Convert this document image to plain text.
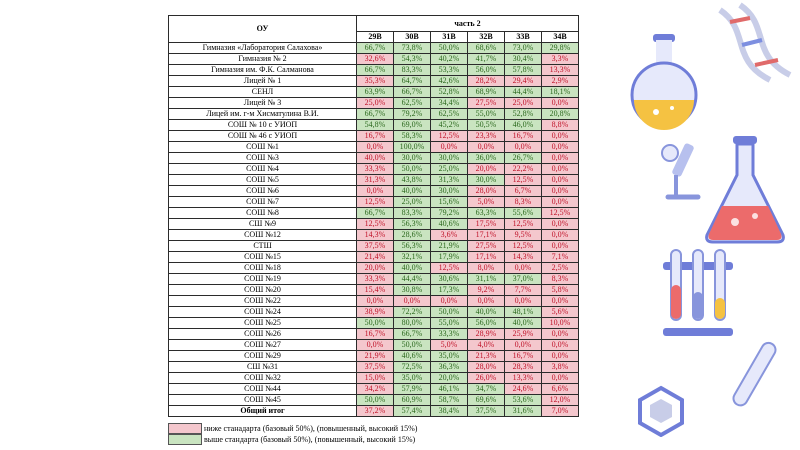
ОУ	часть 2					
	29В	30В	31В	32В	33В	34В
Гимназия «Лаборатория Салахова»	66,7%	73,8%	50,0%	68,6%	73,0%	29,8%
Гимназия № 2	32,6%	54,3%	40,2%	41,7%	30,4%	3,3%
Гимназия им. Ф.К. Салманова	66,7%	83,3%	53,3%	56,0%	57,8%	13,3%
Лицей № 1	35,3%	64,7%	42,6%	28,2%	29,4%	2,9%
СЕНЛ	63,9%	66,7%	52,8%	68,9%	44,4%	18,1%
Лицей № 3	25,0%	62,5%	34,4%	27,5%	25,0%	0,0%
Лицей им. г-м Хисматулина В.И.	66,7%	79,2%	62,5%	55,0%	52,8%	20,8%
СОШ № 10 с УИОП	54,8%	69,0%	45,2%	50,5%	46,0%	8,8%
СОШ № 46 с УИОП	16,7%	58,3%	12,5%	23,3%	16,7%	0,0%
СОШ №1	0,0%	100,0%	0,0%	0,0%	0,0%	0,0%
СОШ №3	40,0%	30,0%	30,0%	36,0%	26,7%	0,0%
СОШ №4	33,3%	50,0%	25,0%	20,0%	22,2%	0,0%
СОШ №5	31,3%	43,8%	31,3%	30,0%	12,5%	0,0%
СОШ №6	0,0%	40,0%	30,0%	28,0%	6,7%	0,0%
СОШ №7	12,5%	25,0%	15,6%	5,0%	8,3%	0,0%
СОШ №8	66,7%	83,3%	79,2%	63,3%	55,6%	12,5%
СШ №9	12,5%	56,3%	40,6%	17,5%	12,5%	0,0%
СОШ №12	14,3%	28,6%	3,6%	17,1%	9,5%	0,0%
СТШ	37,5%	56,3%	21,9%	27,5%	12,5%	0,0%
СОШ №15	21,4%	32,1%	17,9%	17,1%	14,3%	7,1%
СОШ №18	20,0%	40,0%	12,5%	8,0%	0,0%	2,5%
СОШ №19	33,3%	44,4%	30,6%	31,1%	37,0%	8,3%
СОШ №20	15,4%	30,8%	17,3%	9,2%	7,7%	5,8%
СОШ №22	0,0%	0,0%	0,0%	0,0%	0,0%	0,0%
СОШ №24	38,9%	72,2%	50,0%	40,0%	48,1%	5,6%
СОШ №25	50,0%	80,0%	55,0%	56,0%	40,0%	10,0%
СОШ №26	16,7%	66,7%	33,3%	28,9%	25,9%	0,0%
СОШ №27	0,0%	50,0%	5,0%	4,0%	0,0%	0,0%
СОШ №29	21,9%	40,6%	35,0%	21,3%	16,7%	0,0%
СШ №31	37,5%	72,5%	36,3%	28,0%	28,3%	3,8%
СОШ №32	15,0%	35,0%	20,0%	26,0%	13,3%	0,0%
СОШ №44	34,2%	57,9%	46,1%	34,7%	24,6%	6,6%
СОШ №45	50,0%	60,9%	58,7%	69,6%	53,6%	12,0%
Общий итог	37,2%	57,4%	38,4%	37,5%	31,6%	7,0%
ниже станадарта (базовый 50%), (повышенный, высокий 15%)
выше стандарта (базовый 50%), (повышенный, высокий 15%)
